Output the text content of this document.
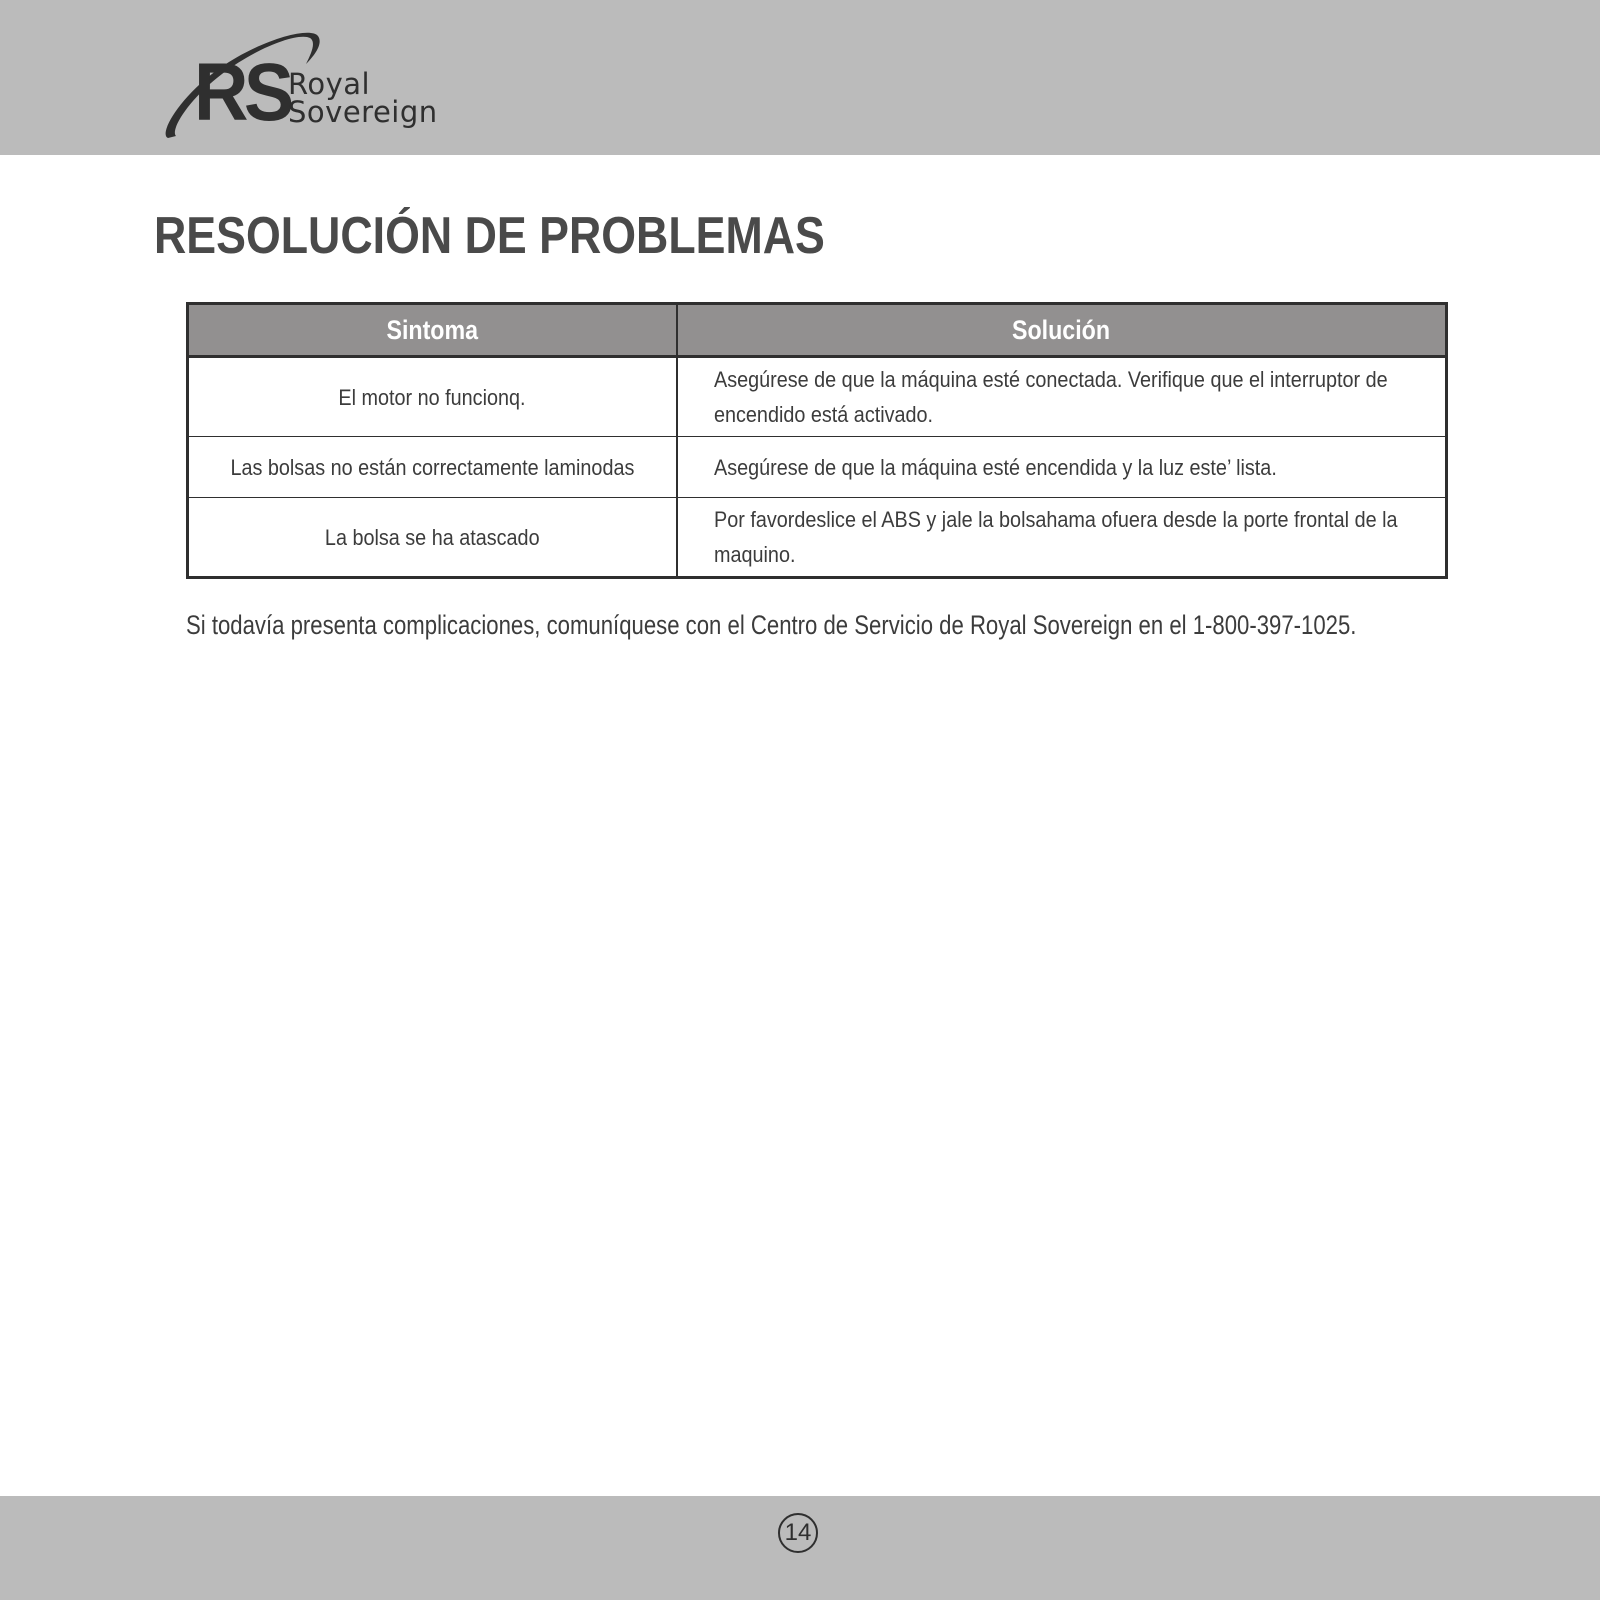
RS
Royal
Sovereign
RESOLUCIÓN DE PROBLEMAS
Sintoma	Solución
El motor no funcionq.	Asegúrese de que la máquina esté conectada. Verifique que el interruptor de encendido está activado.
Las bolsas no están correctamente laminodas	Asegúrese de que la máquina esté encendida y la luz este’ lista.
La bolsa se ha atascado	Por favordeslice el ABS y jale la bolsahama ofuera desde la porte frontal de la maquino.

Si todavía presenta complicaciones, comuníquese con el Centro de Servicio de Royal Sovereign en el 1-800-397-1025.

14
